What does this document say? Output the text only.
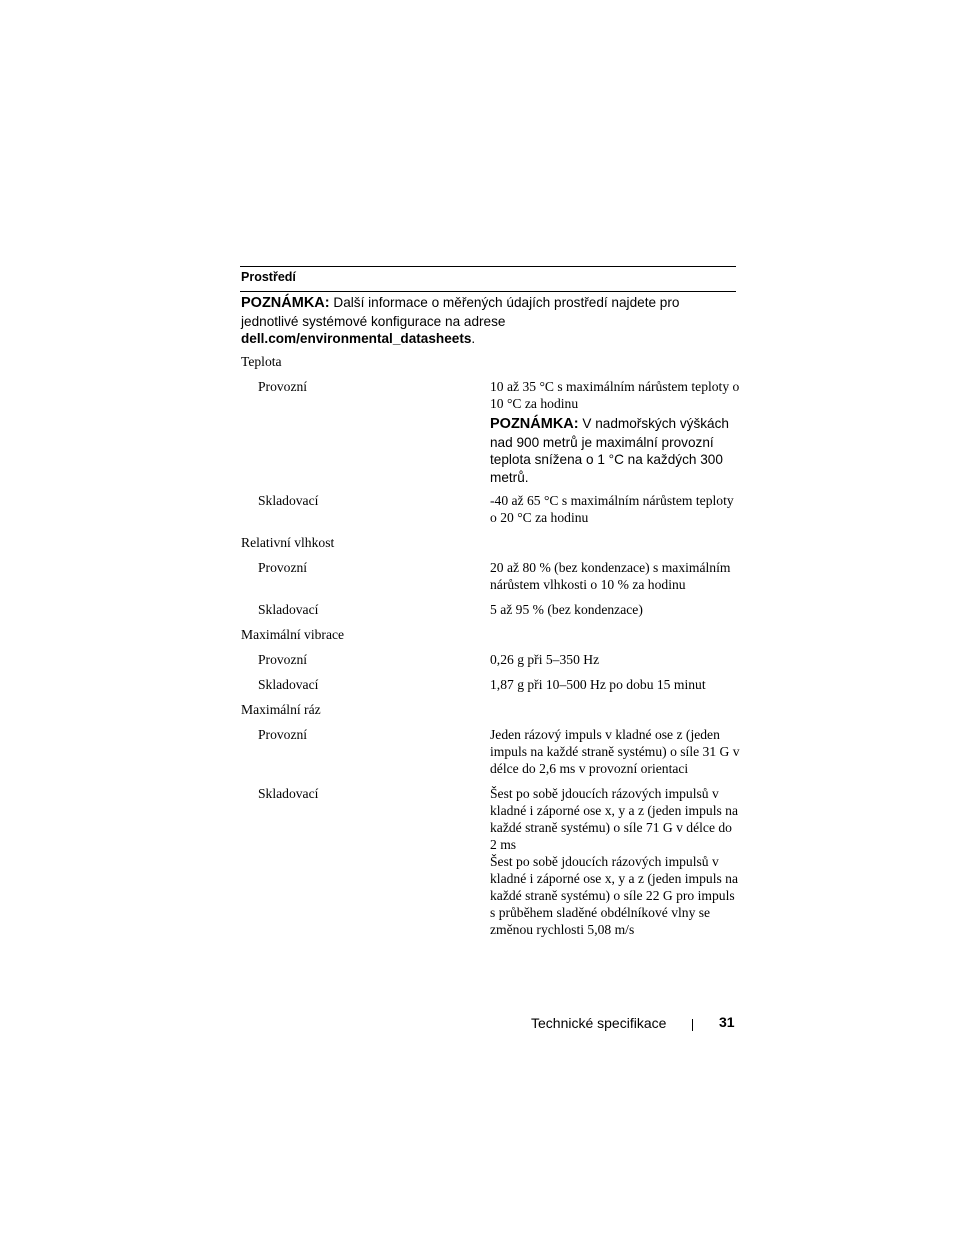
Prostředí
POZNÁMKA: Další informace o měřených údajích prostředí najdete pro jednotlivé systémové konfigurace na adrese dell.com/environmental_datasheets.
Teplota
Provozní	10 až 35 °C s maximálním nárůstem teploty o 10 °C za hodinu
POZNÁMKA: V nadmořských výškách nad 900 metrů je maximální provozní teplota snížena o 1 °C na každých 300 metrů.
Skladovací	-40 až 65 °C s maximálním nárůstem teploty o 20 °C za hodinu
Relativní vlhkost
Provozní	20 až 80 % (bez kondenzace) s maximálním nárůstem vlhkosti o 10 % za hodinu
Skladovací	5 až 95 % (bez kondenzace)
Maximální vibrace
Provozní	0,26 g při 5–350 Hz
Skladovací	1,87 g při 10–500 Hz po dobu 15 minut
Maximální ráz
Provozní	Jeden rázový impuls v kladné ose z (jeden impuls na každé straně systému) o síle 31 G v délce do 2,6 ms v provozní orientaci
Skladovací	Šest po sobě jdoucích rázových impulsů v kladné i záporné ose x, y a z (jeden impuls na každé straně systému) o síle 71 G v délce do 2 ms
Šest po sobě jdoucích rázových impulsů v kladné i záporné ose x, y a z (jeden impuls na každé straně systému) o síle 22 G pro impuls s průběhem sladěné obdélníkové vlny se změnou rychlosti 5,08 m/s
Technické specifikace	31
